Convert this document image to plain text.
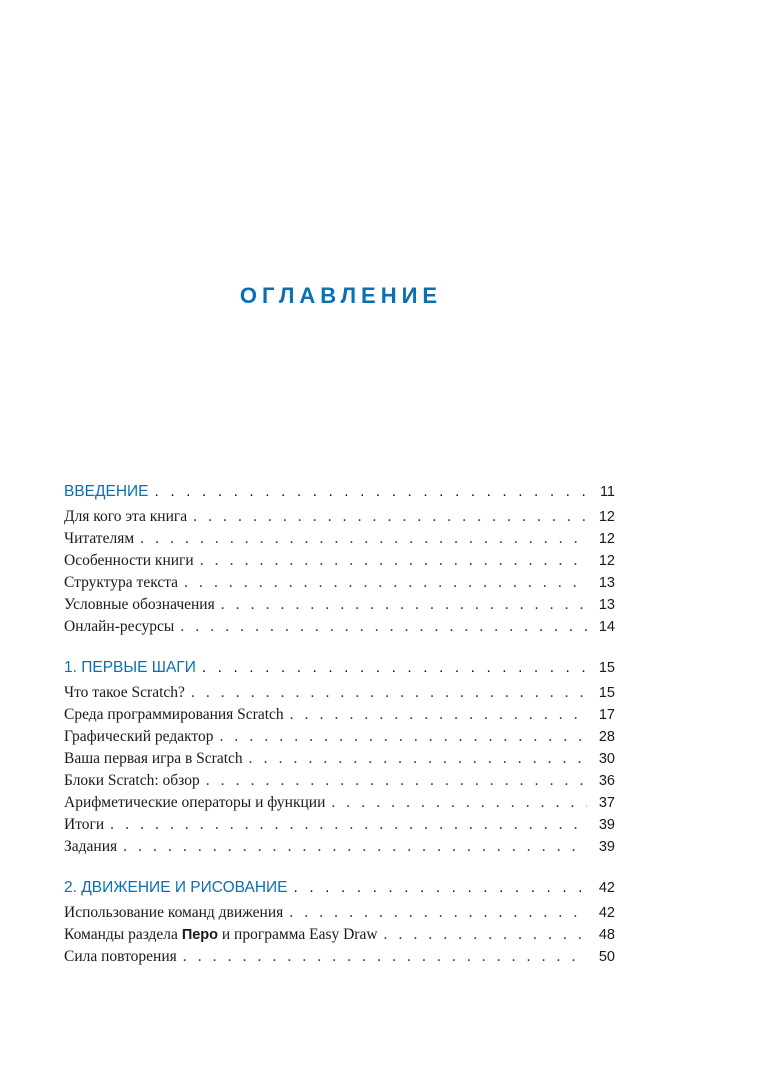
ОГЛАВЛЕНИЕ
ВВЕДЕНИЕ . . .	11
Для кого эта книга . . .	12
Читателям . . .	12
Особенности книги . . .	12
Структура текста . . .	13
Условные обозначения . . .	13
Онлайн-ресурсы . . .	14
1. ПЕРВЫЕ ШАГИ . . .	15
Что такое Scratch? . . .	15
Среда программирования Scratch . . .	17
Графический редактор . . .	28
Ваша первая игра в Scratch . . .	30
Блоки Scratch: обзор . . .	36
Арифметические операторы и функции . . .	37
Итоги . . .	39
Задания . . .	39
2. ДВИЖЕНИЕ И РИСОВАНИЕ . . .	42
Использование команд движения . . .	42
Команды раздела Перо и программа Easy Draw . . .	48
Сила повторения . . .	50
